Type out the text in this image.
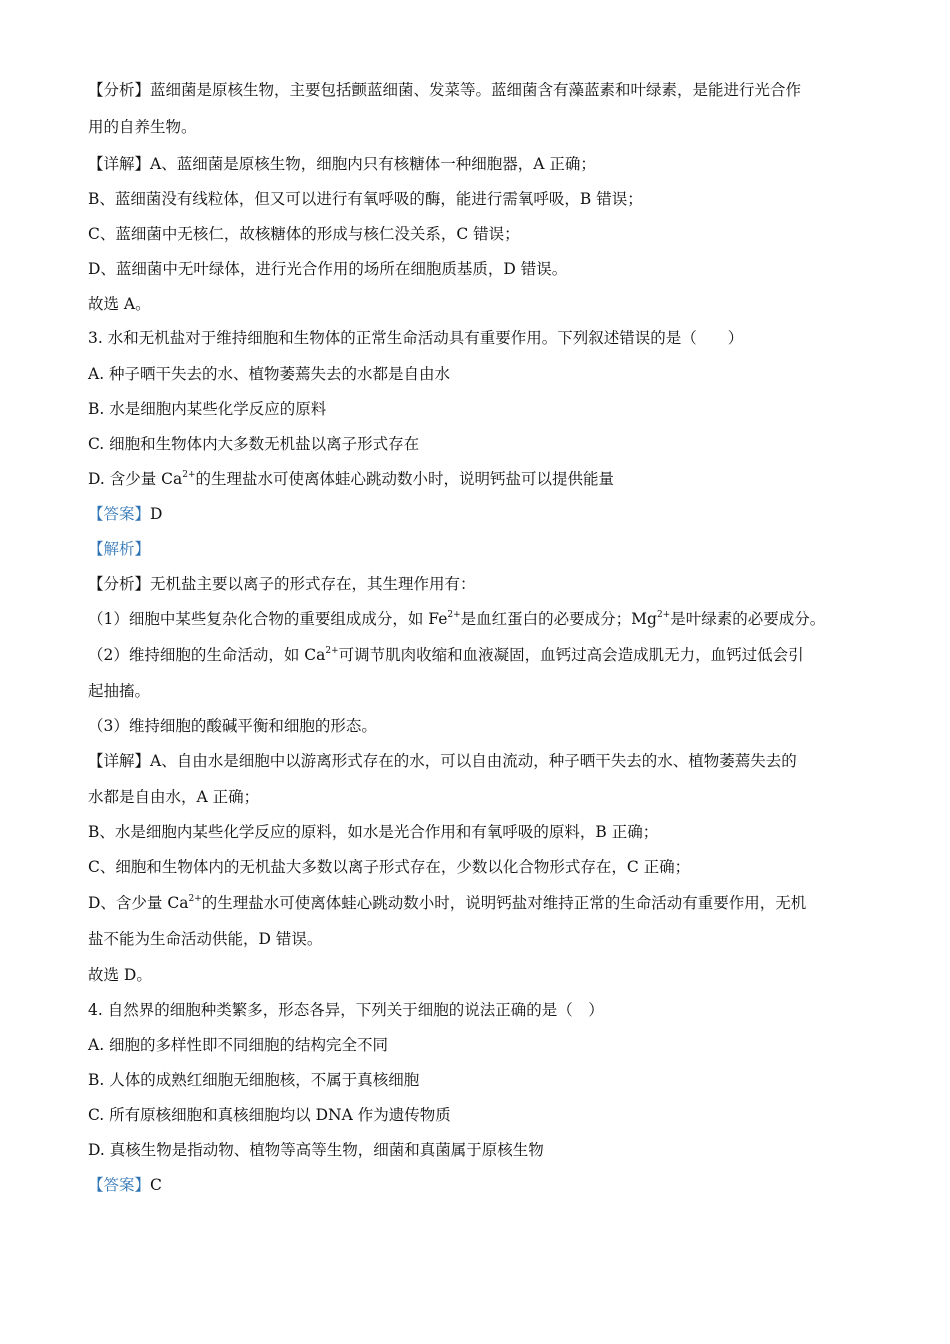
【分析】蓝细菌是原核生物，主要包括颤蓝细菌、发菜等。蓝细菌含有藻蓝素和叶绿素，是能进行光合作
用的自养生物。
【详解】A、蓝细菌是原核生物，细胞内只有核糖体一种细胞器，A 正确；
B、蓝细菌没有线粒体，但又可以进行有氧呼吸的酶，能进行需氧呼吸，B 错误；
C、蓝细菌中无核仁，故核糖体的形成与核仁没关系，C 错误；
D、蓝细菌中无叶绿体，进行光合作用的场所在细胞质基质，D 错误。
故选 A。
3. 水和无机盐对于维持细胞和生物体的正常生命活动具有重要作用。下列叙述错误的是（　　）
A. 种子晒干失去的水、植物萎蔫失去的水都是自由水
B. 水是细胞内某些化学反应的原料
C. 细胞和生物体内大多数无机盐以离子形式存在
D. 含少量 $Ca^{2+}$的生理盐水可使离体蛙心跳动数小时，说明钙盐可以提供能量
【答案】D
【解析】
【分析】无机盐主要以离子的形式存在，其生理作用有：
（1）细胞中某些复杂化合物的重要组成成分，如 $Fe^{2+}$是血红蛋白的必要成分；$Mg^{2+}$是叶绿素的必要成分。
（2）维持细胞的生命活动，如 $Ca^{2+}$可调节肌肉收缩和血液凝固，血钙过高会造成肌无力，血钙过低会引
起抽搐。
（3）维持细胞的酸碱平衡和细胞的形态。
【详解】A、自由水是细胞中以游离形式存在的水，可以自由流动，种子晒干失去的水、植物萎蔫失去的
水都是自由水，A 正确；
B、水是细胞内某些化学反应的原料，如水是光合作用和有氧呼吸的原料，B 正确；
C、细胞和生物体内的无机盐大多数以离子形式存在，少数以化合物形式存在，C 正确；
D、含少量 $Ca^{2+}$的生理盐水可使离体蛙心跳动数小时，说明钙盐对维持正常的生命活动有重要作用，无机
盐不能为生命活动供能，D 错误。
故选 D。
4. 自然界的细胞种类繁多，形态各异，下列关于细胞的说法正确的是（　）
A. 细胞的多样性即不同细胞的结构完全不同
B. 人体的成熟红细胞无细胞核，不属于真核细胞
C. 所有原核细胞和真核细胞均以 DNA 作为遗传物质
D. 真核生物是指动物、植物等高等生物，细菌和真菌属于原核生物
【答案】C
